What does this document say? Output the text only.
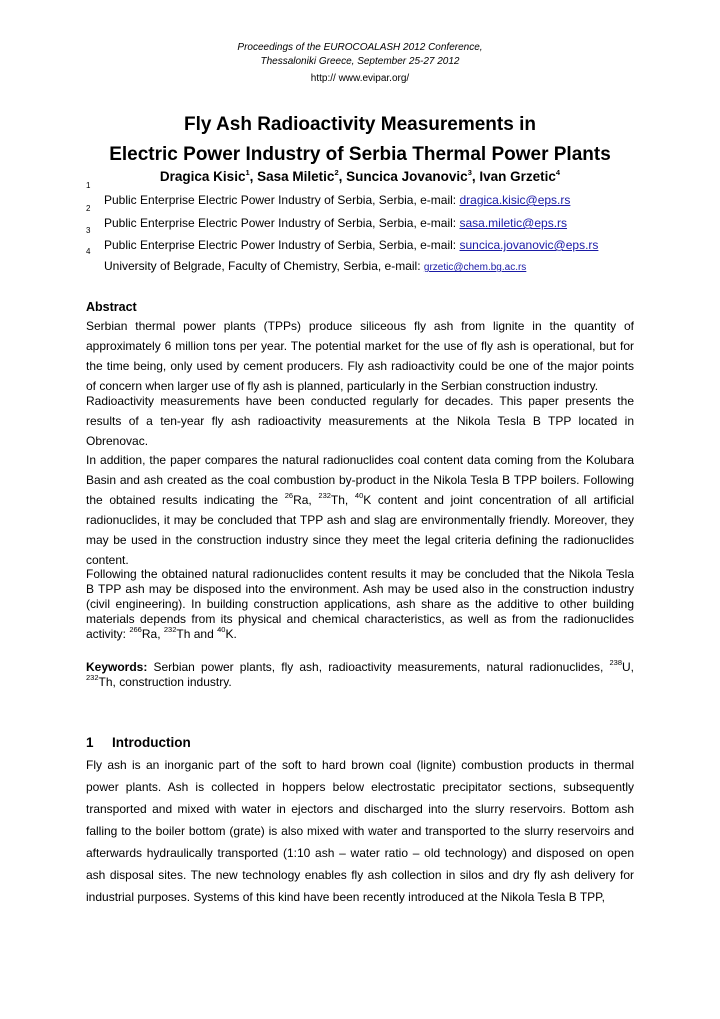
Proceedings of the EUROCOALASH 2012 Conference,
Thessaloniki Greece, September 25-27 2012
http:// www.evipar.org/
Fly Ash Radioactivity Measurements in
Electric Power Industry of Serbia Thermal Power Plants
Dragica Kisic$^1$, Sasa Miletic$^2$, Suncica Jovanovic$^3$, Ivan Grzetic$^4$
1
Public Enterprise Electric Power Industry of Serbia, Serbia, e-mail: dragica.kisic@eps.rs
2
Public Enterprise Electric Power Industry of Serbia, Serbia, e-mail: sasa.miletic@eps.rs
3
Public Enterprise Electric Power Industry of Serbia, Serbia, e-mail: suncica.jovanovic@eps.rs
4
University of Belgrade, Faculty of Chemistry, Serbia, e-mail: grzetic@chem.bg.ac.rs
Abstract
Serbian thermal power plants (TPPs) produce siliceous fly ash from lignite in the quantity of approximately 6 million tons per year. The potential market for the use of fly ash is operational, but for the time being, only used by cement producers. Fly ash radioactivity could be one of the major points of concern when larger use of fly ash is planned, particularly in the Serbian construction industry.
Radioactivity measurements have been conducted regularly for decades. This paper presents the results of a ten-year fly ash radioactivity measurements at the Nikola Tesla B TPP located in Obrenovac.
In addition, the paper compares the natural radionuclides coal content data coming from the Kolubara Basin and ash created as the coal combustion by-product in the Nikola Tesla B TPP boilers. Following the obtained results indicating the $^{26}$Ra, $^{232}$Th, $^{40}$K content and joint concentration of all artificial radionuclides, it may be concluded that TPP ash and slag are environmentally friendly. Moreover, they may be used in the construction industry since they meet the legal criteria defining the radionuclides content.
Following the obtained natural radionuclides content results it may be concluded that the Nikola Tesla B TPP ash may be disposed into the environment. Ash may be used also in the construction industry (civil engineering). In building construction applications, ash share as the additive to other building materials depends from its physical and chemical characteristics, as well as from the radionuclides activity: $^{266}$Ra, $^{232}$Th and $^{40}$K.
Keywords: Serbian power plants, fly ash, radioactivity measurements, natural radionuclides, $^{238}$U, $^{232}$Th, construction industry.
1 Introduction
Fly ash is an inorganic part of the soft to hard brown coal (lignite) combustion products in thermal power plants. Ash is collected in hoppers below electrostatic precipitator sections, subsequently transported and mixed with water in ejectors and discharged into the slurry reservoirs. Bottom ash falling to the boiler bottom (grate) is also mixed with water and transported to the slurry reservoirs and afterwards hydraulically transported (1:10 ash – water ratio – old technology) and disposed on open ash disposal sites. The new technology enables fly ash collection in silos and dry fly ash delivery for industrial purposes. Systems of this kind have been recently introduced at the Nikola Tesla B TPP,
